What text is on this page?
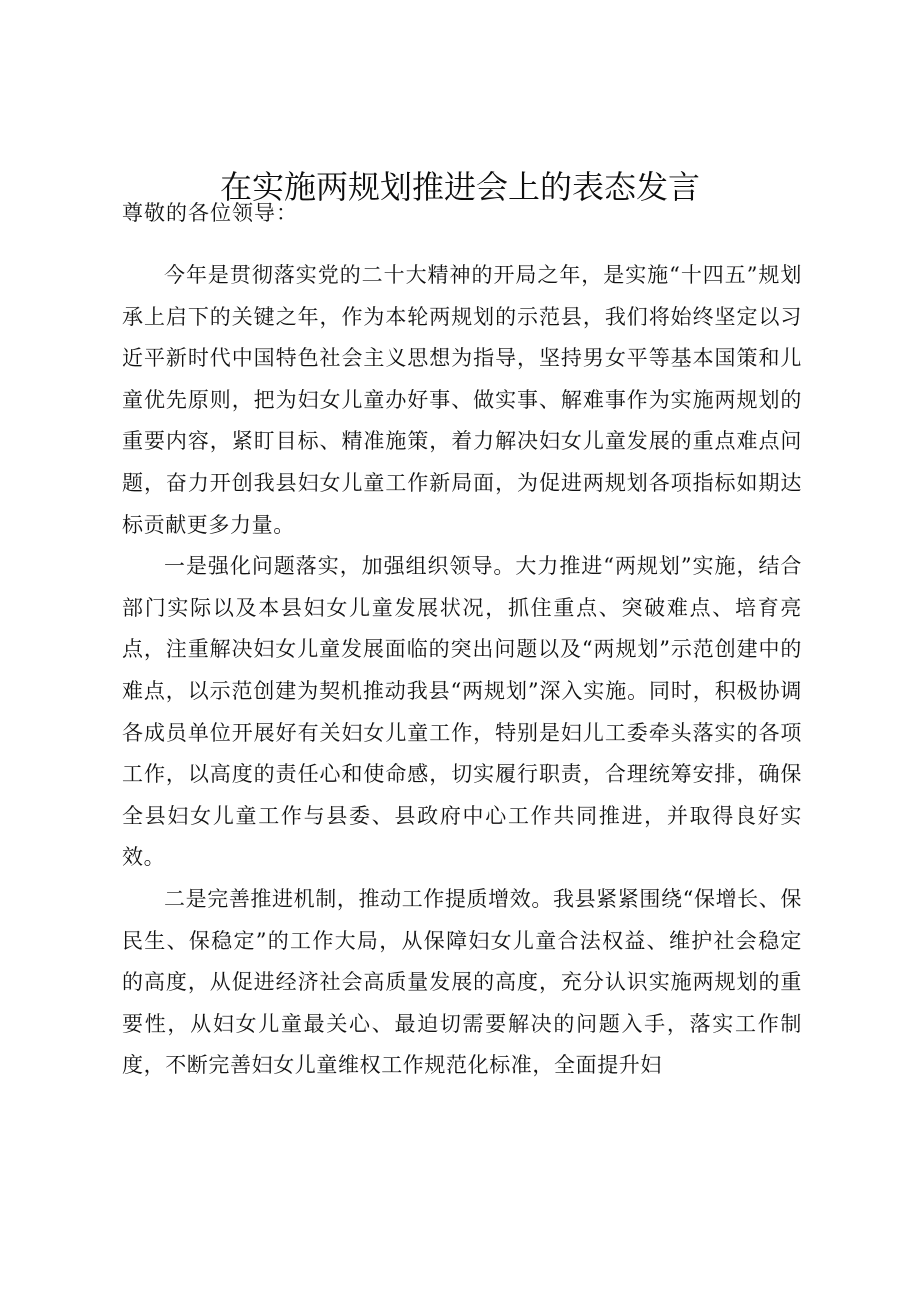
在实施两规划推进会上的表态发言

尊敬的各位领导：

今年是贯彻落实党的二十大精神的开局之年，是实施“十四五”规划承上启下的关键之年，作为本轮两规划的示范县，我们将始终坚定以习近平新时代中国特色社会主义思想为指导，坚持男女平等基本国策和儿童优先原则，把为妇女儿童办好事、做实事、解难事作为实施两规划的重要内容，紧盯目标、精准施策，着力解决妇女儿童发展的重点难点问题，奋力开创我县妇女儿童工作新局面，为促进两规划各项指标如期达标贡献更多力量。

一是强化问题落实，加强组织领导。大力推进“两规划”实施，结合部门实际以及本县妇女儿童发展状况，抓住重点、突破难点、培育亮点，注重解决妇女儿童发展面临的突出问题以及“两规划”示范创建中的难点，以示范创建为契机推动我县“两规划”深入实施。同时，积极协调各成员单位开展好有关妇女儿童工作，特别是妇儿工委牵头落实的各项工作，以高度的责任心和使命感，切实履行职责，合理统筹安排，确保全县妇女儿童工作与县委、县政府中心工作共同推进，并取得良好实效。

二是完善推进机制，推动工作提质增效。我县紧紧围绕“保增长、保民生、保稳定”的工作大局，从保障妇女儿童合法权益、维护社会稳定的高度，从促进经济社会高质量发展的高度，充分认识实施两规划的重要性，从妇女儿童最关心、最迫切需要解决的问题入手，落实工作制度，不断完善妇女儿童维权工作规范化标准，全面提升妇
